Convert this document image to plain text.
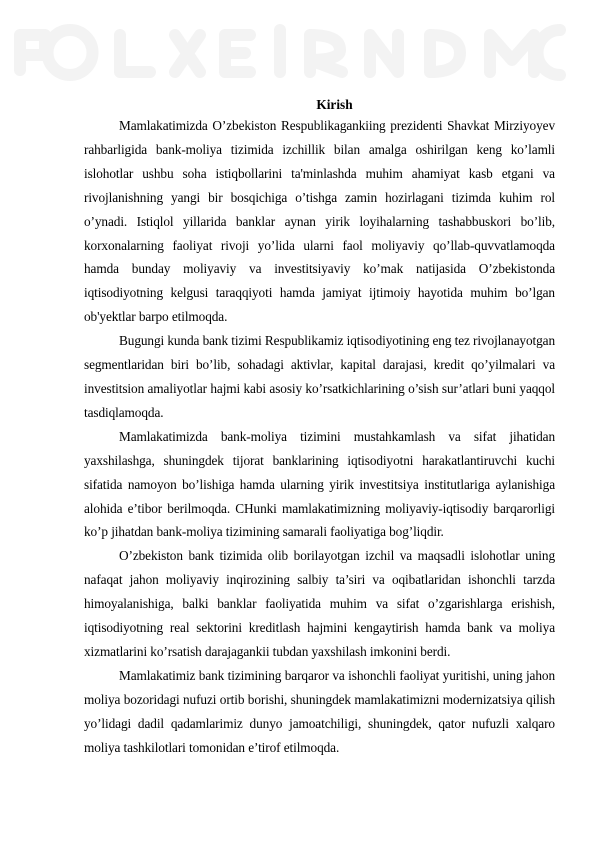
Kirish

Mamlakatimizda O’zbekiston Respublikagankiing prezidenti Shavkat Mirziyoyev rahbarligida bank-moliya tizimida izchillik bilan amalga oshirilgan keng ko’lamli islohotlar ushbu soha istiqbollarini ta'minlashda muhim ahamiyat kasb etgani va rivojlanishning yangi bir bosqichiga o’tishga zamin hozirlagani tizimda kuhim rol o’ynadi. Istiqlol yillarida banklar aynan yirik loyihalarning tashabbuskori bo’lib, korxonalarning faoliyat rivoji yo’lida ularni faol moliyaviy qo’llab-quvvatlamoqda hamda bunday moliyaviy va investitsiyaviy ko’mak natijasida O’zbekistonda iqtisodiyotning kelgusi taraqqiyoti hamda jamiyat ijtimoiy hayotida muhim bo’lgan ob'yektlar barpo etilmoqda.

Bugungi kunda bank tizimi Respublikamiz iqtisodiyotining eng tez rivojlanayotgan segmentlaridan biri bo’lib, sohadagi aktivlar, kapital darajasi, kredit qo’yilmalari va investitsion amaliyotlar hajmi kabi asosiy ko’rsatkichlarining o’sish sur’atlari buni yaqqol tasdiqlamoqda.

Mamlakatimizda bank-moliya tizimini mustahkamlash va sifat jihatidan yaxshilashga, shuningdek tijorat banklarining iqtisodiyotni harakatlantiruvchi kuchi sifatida namoyon bo’lishiga hamda ularning yirik investitsiya institutlariga aylanishiga alohida e’tibor berilmoqda. CHunki mamlakatimizning moliyaviy-iqtisodiy barqarorligi ko’p jihatdan bank-moliya tizimining samarali faoliyatiga bog’liqdir.

O’zbekiston bank tizimida olib borilayotgan izchil va maqsadli islohotlar uning nafaqat jahon moliyaviy inqirozining salbiy ta’siri va oqibatlaridan ishonchli tarzda himoyalanishiga, balki banklar faoliyatida muhim va sifat o’zgarishlarga erishish, iqtisodiyotning real sektorini kreditlash hajmini kengaytirish hamda bank va moliya xizmatlarini ko’rsatish darajagankii tubdan yaxshilash imkonini berdi.

Mamlakatimiz bank tizimining barqaror va ishonchli faoliyat yuritishi, uning jahon moliya bozoridagi nufuzi ortib borishi, shuningdek mamlakatimizni modernizatsiya qilish yo’lidagi dadil qadamlarimiz dunyo jamoatchiligi, shuningdek, qator nufuzli xalqaro moliya tashkilotlari tomonidan e’tirof etilmoqda.
